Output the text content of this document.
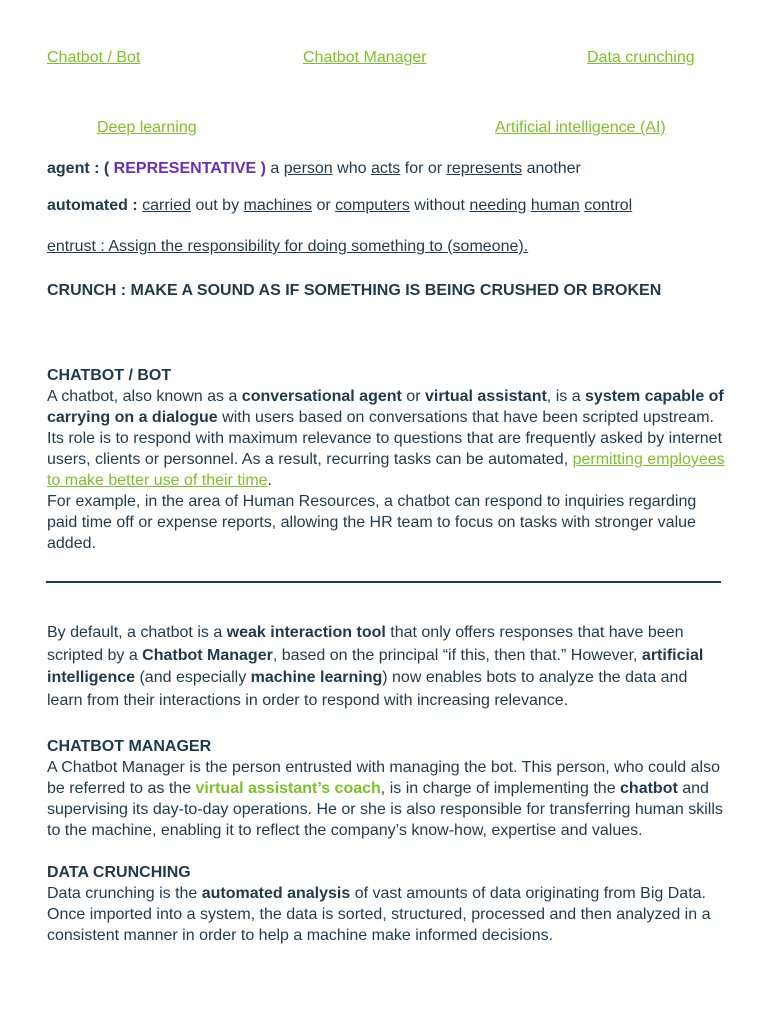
Chatbot / Bot	Chatbot Manager	Data crunching
Deep learning	Artificial intelligence (AI)
agent : ( REPRESENTATIVE ) a person who acts for or represents another
automated : carried out by machines or computers without needing human control
entrust : Assign the responsibility for doing something to (someone).
CRUNCH : MAKE A SOUND AS IF SOMETHING IS BEING CRUSHED OR BROKEN
CHATBOT / BOT
A chatbot, also known as a conversational agent or virtual assistant, is a system capable of carrying on a dialogue with users based on conversations that have been scripted upstream. Its role is to respond with maximum relevance to questions that are frequently asked by internet users, clients or personnel. As a result, recurring tasks can be automated, permitting employees to make better use of their time.
For example, in the area of Human Resources, a chatbot can respond to inquiries regarding paid time off or expense reports, allowing the HR team to focus on tasks with stronger value added.
By default, a chatbot is a weak interaction tool that only offers responses that have been scripted by a Chatbot Manager, based on the principal “if this, then that.” However, artificial intelligence (and especially machine learning) now enables bots to analyze the data and learn from their interactions in order to respond with increasing relevance.
CHATBOT MANAGER
A Chatbot Manager is the person entrusted with managing the bot. This person, who could also be referred to as the virtual assistant’s coach, is in charge of implementing the chatbot and supervising its day-to-day operations. He or she is also responsible for transferring human skills to the machine, enabling it to reflect the company’s know-how, expertise and values.
DATA CRUNCHING
Data crunching is the automated analysis of vast amounts of data originating from Big Data. Once imported into a system, the data is sorted, structured, processed and then analyzed in a consistent manner in order to help a machine make informed decisions.
